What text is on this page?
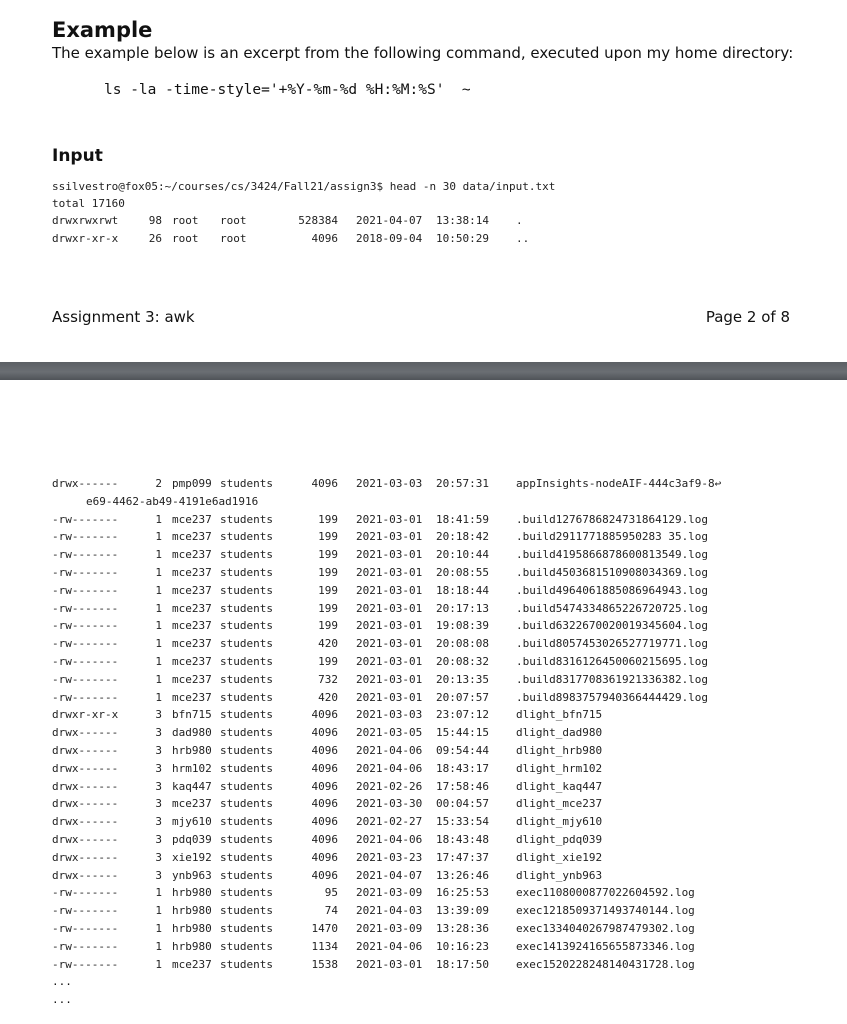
Example

The example below is an excerpt from the following command, executed upon my home directory:

ls -la -time-style='+%Y-%m-%d %H:%M:%S'  ~

Input
ssilvestro@fox05:~/courses/cs/3424/Fall21/assign3$ head -n 30 data/input.txt
total 17160
drwxrwxrwt	98 root root	528384 2021-04-07 13:38:14 .
drwxr-xr-x	26 root root	4096 2018-09-04 10:50:29 ..
Assignment 3: awk	Page 2 of 8
drwx------	2 pmp099 students	4096 2021-03-03 20:57:31 appInsights-nodeAIF-444c3af9-8↩
e69-4462-ab49-4191e6ad1916
-rw-------	1 mce237 students	199 2021-03-01 18:41:59 .build1276786824731864129.log
-rw-------	1 mce237 students	199 2021-03-01 20:18:42 .build2911771885950283 35.log
-rw-------	1 mce237 students	199 2021-03-01 20:10:44 .build4195866878600813549.log
-rw-------	1 mce237 students	199 2021-03-01 20:08:55 .build4503681510908034369.log
-rw-------	1 mce237 students	199 2021-03-01 18:18:44 .build4964061885086964943.log
-rw-------	1 mce237 students	199 2021-03-01 20:17:13 .build5474334865226720725.log
-rw-------	1 mce237 students	199 2021-03-01 19:08:39 .build6322670020019345604.log
-rw-------	1 mce237 students	420 2021-03-01 20:08:08 .build8057453026527719771.log
-rw-------	1 mce237 students	199 2021-03-01 20:08:32 .build8316126450060215695.log
-rw-------	1 mce237 students	732 2021-03-01 20:13:35 .build8317708361921336382.log
-rw-------	1 mce237 students	420 2021-03-01 20:07:57 .build8983757940366444429.log
drwxr-xr-x	3 bfn715 students	4096 2021-03-03 23:07:12 dlight_bfn715
drwx------	3 dad980 students	4096 2021-03-05 15:44:15 dlight_dad980
drwx------	3 hrb980 students	4096 2021-04-06 09:54:44 dlight_hrb980
drwx------	3 hrm102 students	4096 2021-04-06 18:43:17 dlight_hrm102
drwx------	3 kaq447 students	4096 2021-02-26 17:58:46 dlight_kaq447
drwx------	3 mce237 students	4096 2021-03-30 00:04:57 dlight_mce237
drwx------	3 mjy610 students	4096 2021-02-27 15:33:54 dlight_mjy610
drwx------	3 pdq039 students	4096 2021-04-06 18:43:48 dlight_pdq039
drwx------	3 xie192 students	4096 2021-03-23 17:47:37 dlight_xie192
drwx------	3 ynb963 students	4096 2021-04-07 13:26:46 dlight_ynb963
-rw-------	1 hrb980 students	95 2021-03-09 16:25:53 exec1108000877022604592.log
-rw-------	1 hrb980 students	74 2021-04-03 13:39:09 exec1218509371493740144.log
-rw-------	1 hrb980 students	1470 2021-03-09 13:28:36 exec1334040267987479302.log
-rw-------	1 hrb980 students	1134 2021-04-06 10:16:23 exec1413924165655873346.log
-rw-------	1 mce237 students	1538 2021-03-01 18:17:50 exec1520228248140431728.log
...
...
